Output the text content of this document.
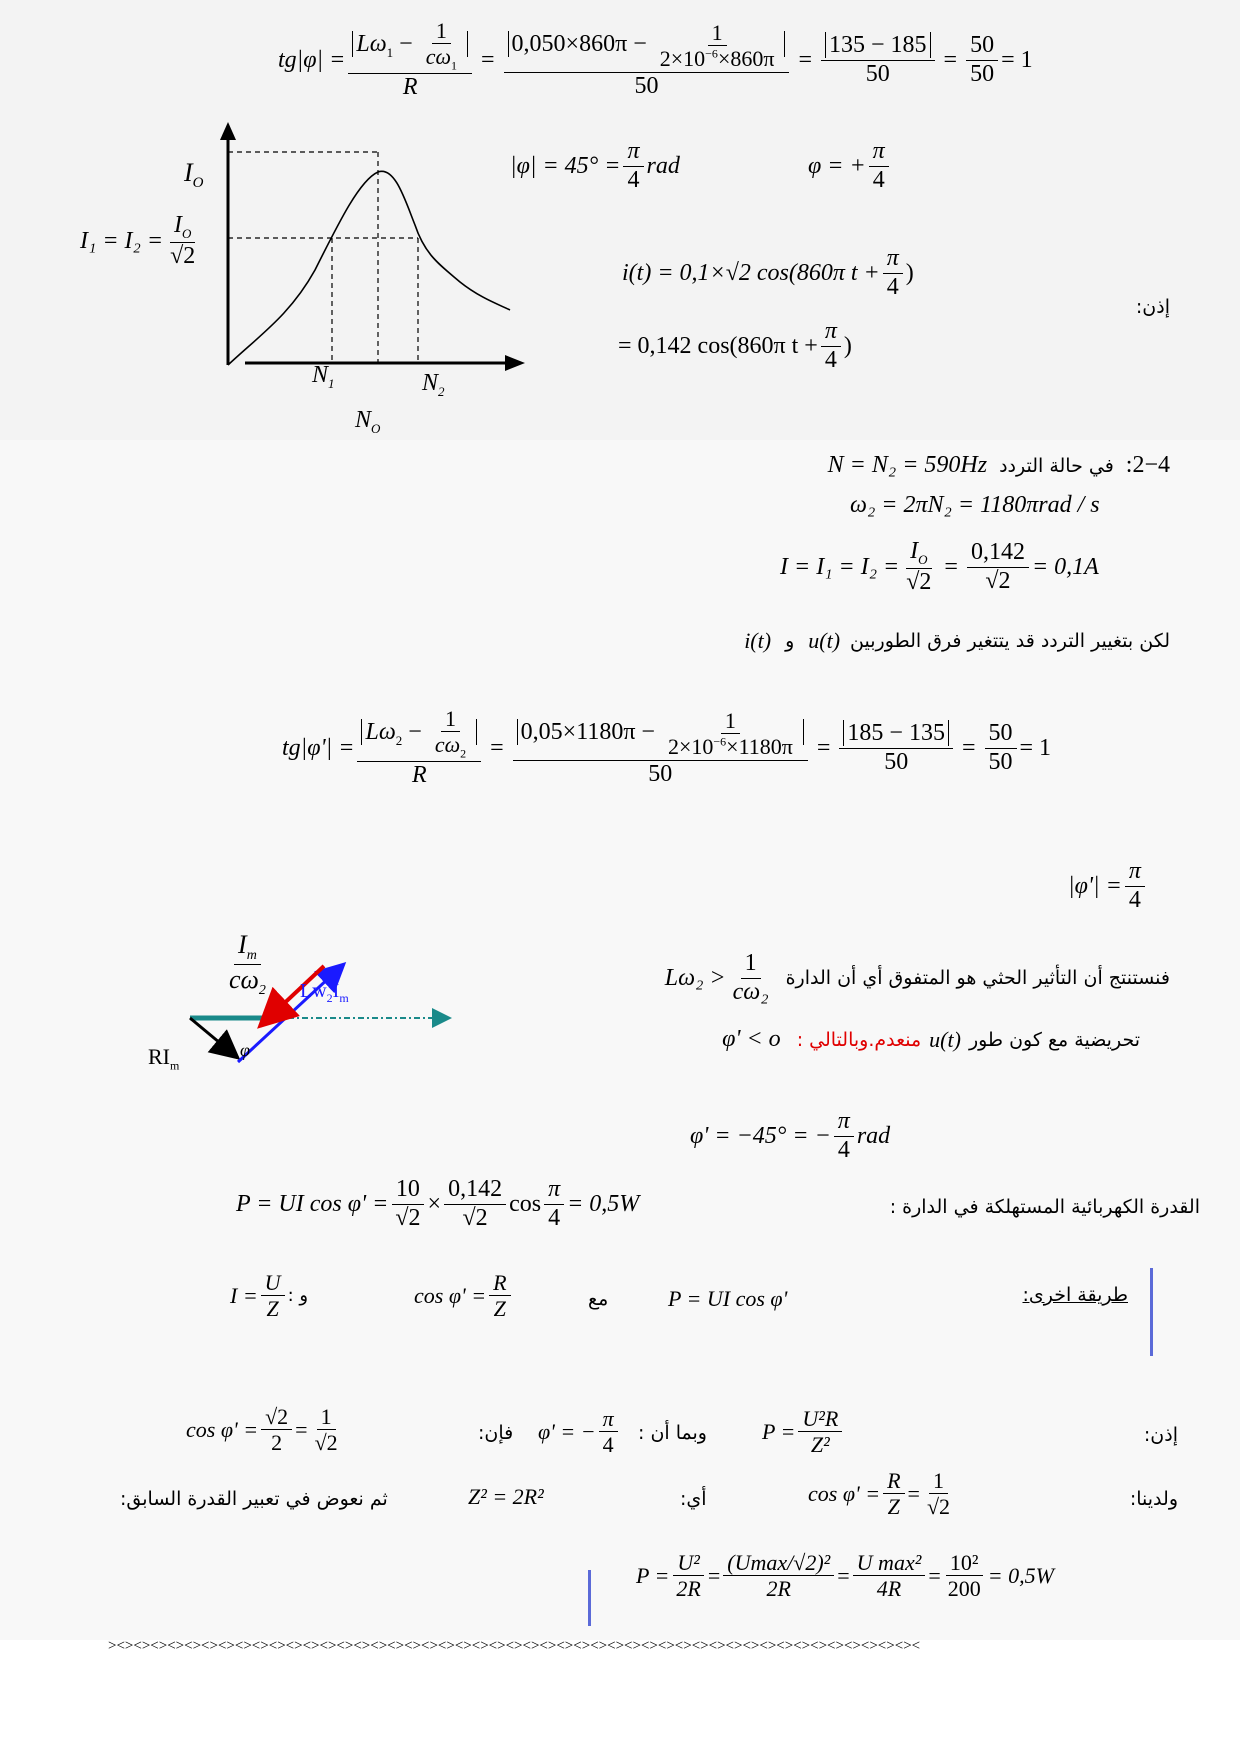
$tg|\varphi| = \frac{L\omega_1 - \frac{1}{c\omega_1}}{R} = \frac{0,050\times 860\pi - \frac{1}{2\times 10^{-6}\times 860\pi}}{50} = \frac{135 - 185}{50} = \frac{50}{50} = 1$
$|\varphi| = 45^\circ = \frac{\pi}{4}$ rad	φ = + $\frac{\pi}{4}$
$I_O$
$I_1 = I_2 = \frac{I_O}{√2}$
$N_1$	$N_2$
$N_O$
i(t) = 0,1×√2 cos(860π $t + \frac{\pi}{4}$ )
إذن:
= 0,142 cos(860π $t + \frac{\pi}{4}$ )
N = N₂ = 590Hz في حالة التردد :2−4
ω₂ = 2πN₂ = 1180πrad / s
$I = I_1 = I_2 = \frac{I_O}{√2} = \frac{0,142}{√2} = 0,1A$
i(t) و u(t) لكن بتغيير التردد قد يتتغير فرق الطوربين
$tg|\varphi'| = \frac{L\omega_2 - \frac{1}{c\omega_2}}{R} = \frac{0,05\times 1180\pi - \frac{1}{2\times 10^{-6}\times 1180\pi}}{50} = \frac{185 - 135}{50} = \frac{50}{50} = 1$
$|\varphi'| = \frac{\pi}{4}$
$\frac{I_m}{c\omega_2} Lw_2I_m$
$RI_m$
φ
$L\omega_2 > \frac{1}{\text{cω₂}}$ فنستنتج أن التأثير الحثي هو المتفوق أي أن الدارة
φ' < o منعدم.وبالتالي : u(t) تحريضية مع كون طور
φ' = −45° = − $\frac{\pi}{4}$ rad
P = UI $\cos \varphi' = \frac{10}{√2} \times \frac{0,142}{√2}$ $\cos \frac{\pi}{4} = 0,5W$	القدرة الكهربائية المستهلكة في الدارة :
طريقة اخرى:
P = UI cos φ'
مع
$\cos \varphi' = \frac{R}{Z}$
$I = \frac{U}{Z}$ و :
إذن:
$P = \frac{\text{U²R}}{\text{Z²}}$
وبما أن :
φ' = − $\frac{\pi}{4}$
فإن:
$\cos \varphi' = \frac{√2}{2} = \frac{1}{√2}$
ولدينا:
$\cos \varphi' = \frac{R}{Z} = \frac{1}{√2}$
أي:
Z² = 2R²
ثم نعوض في تعبير القدرة السابق:
$P = \frac{\text{U²}}{2R} = \frac{\text{(Umax/√2)²}}{2R} = \frac{\text{U max²}}{4R} = \frac{\text{10²}}{200} = 0,5W$
><><><><><><><><><><><><><><><><><><><><><><><><><><><><><><><><><><><><><><><><><><><><><><><><
